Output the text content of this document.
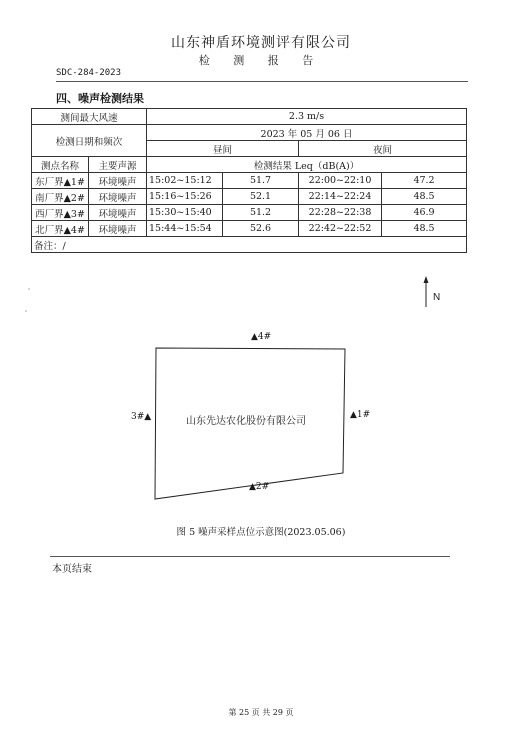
山东神盾环境测评有限公司
检 测 报 告
SDC-284-2023
四、噪声检测结果
测间最大风速		2.3 m/s			
检测日期和频次		2023 年 05 月 06 日			
		昼间		夜间	
测点名称	主要声源	检测结果 Leq（dB(A)）			
东厂界▲1#	环境噪声	15:02~15:12	51.7	22:00~22:10	47.2
南厂界▲2#	环境噪声	15:16~15:26	52.1	22:14~22:24	48.5
西厂界▲3#	环境噪声	15:30~15:40	51.2	22:28~22:38	46.9
北厂界▲4#	环境噪声	15:44~15:54	52.6	22:42~22:52	48.5
备注：/					
N
▲4#
▲1#
3#▲
▲2#
山东先达农化股份有限公司
图 5 噪声采样点位示意图(2023.05.06)
本页结束
第 25 页 共 29 页
